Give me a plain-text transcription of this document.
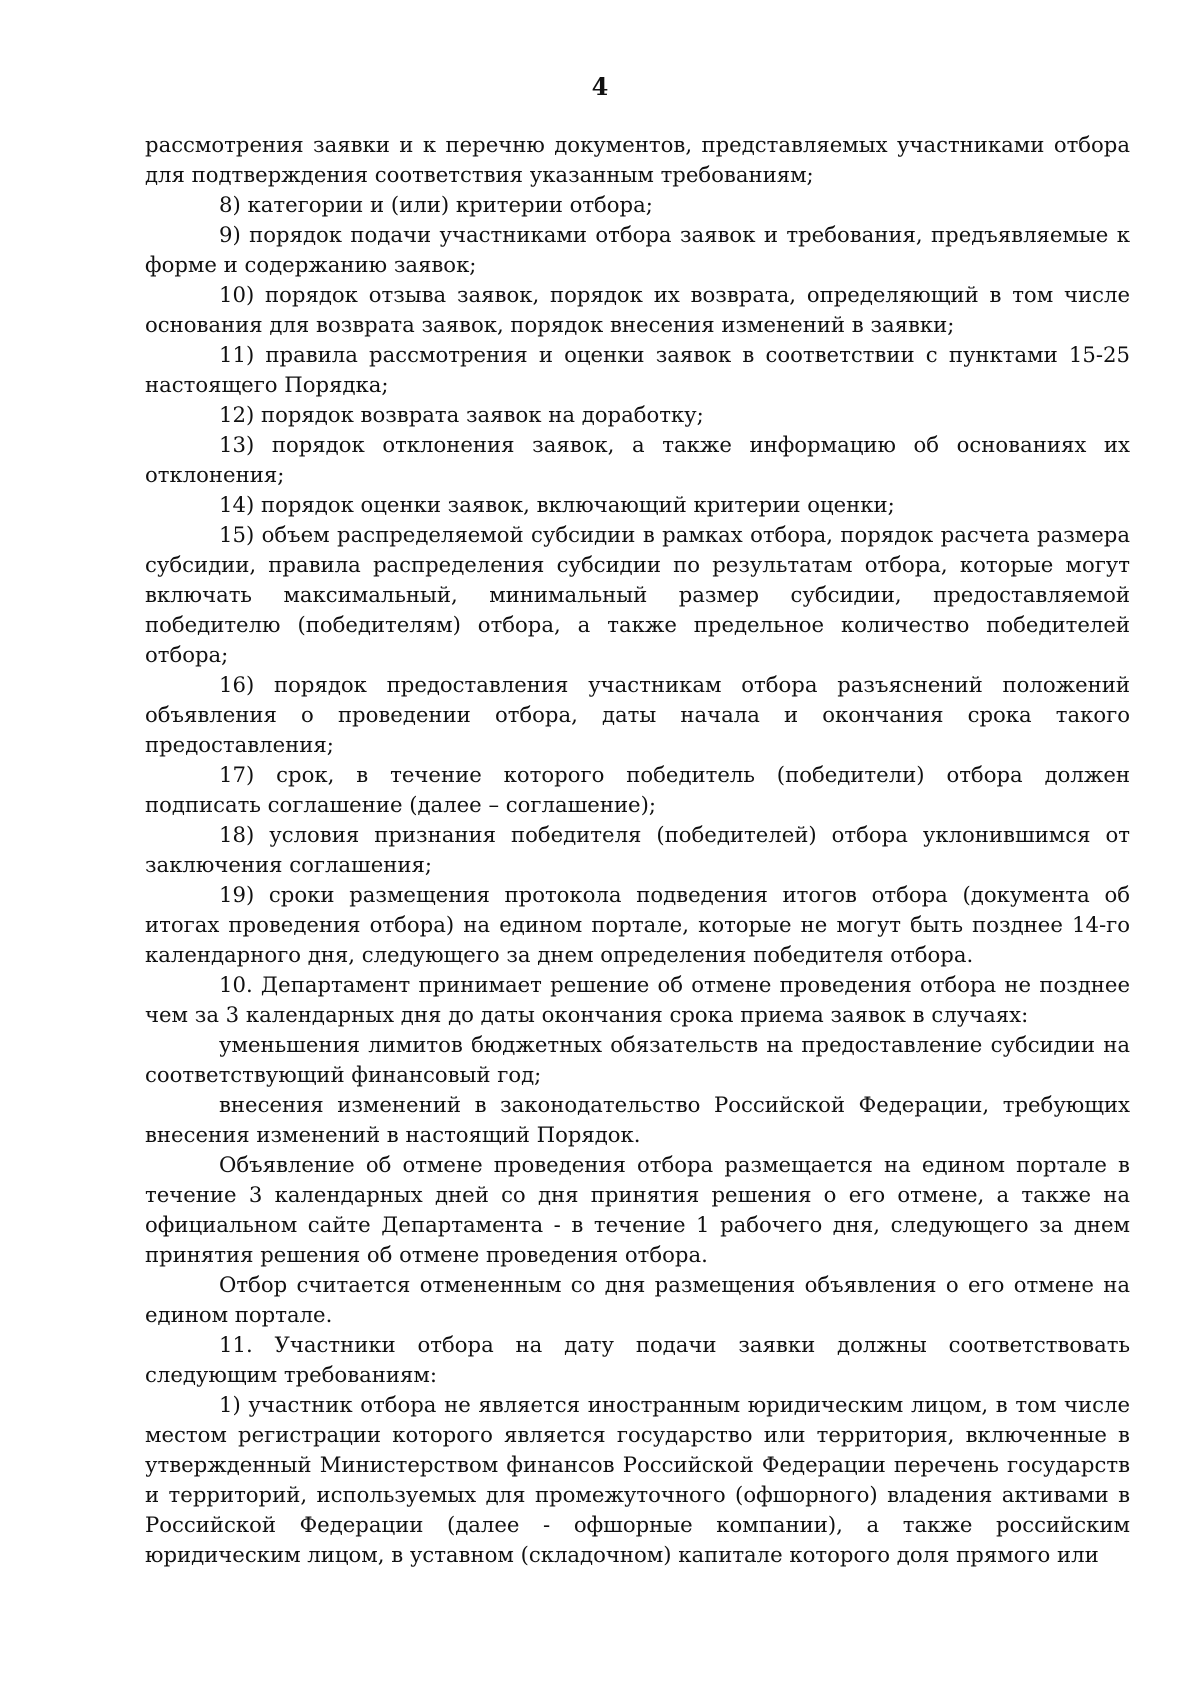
4

рассмотрения заявки и к перечню документов, представляемых участниками отбора для подтверждения соответствия указанным требованиям;

8) категории и (или) критерии отбора;

9) порядок подачи участниками отбора заявок и требования, предъявляемые к форме и содержанию заявок;

10) порядок отзыва заявок, порядок их возврата, определяющий в том числе основания для возврата заявок, порядок внесения изменений в заявки;

11) правила рассмотрения и оценки заявок в соответствии с пунктами 15-25 настоящего Порядка;

12) порядок возврата заявок на доработку;

13) порядок отклонения заявок, а также информацию об основаниях их отклонения;

14) порядок оценки заявок, включающий критерии оценки;

15) объем распределяемой субсидии в рамках отбора, порядок расчета размера субсидии, правила распределения субсидии по результатам отбора, которые могут включать максимальный, минимальный размер субсидии, предоставляемой победителю (победителям) отбора, а также предельное количество победителей отбора;

16) порядок предоставления участникам отбора разъяснений положений объявления о проведении отбора, даты начала и окончания срока такого предоставления;

17) срок, в течение которого победитель (победители) отбора должен подписать соглашение (далее – соглашение);

18) условия признания победителя (победителей) отбора уклонившимся от заключения соглашения;

19) сроки размещения протокола подведения итогов отбора (документа об итогах проведения отбора) на едином портале, которые не могут быть позднее 14-го календарного дня, следующего за днем определения победителя отбора.

10. Департамент принимает решение об отмене проведения отбора не позднее чем за 3 календарных дня до даты окончания срока приема заявок в случаях:

уменьшения лимитов бюджетных обязательств на предоставление субсидии на соответствующий финансовый год;

внесения изменений в законодательство Российской Федерации, требующих внесения изменений в настоящий Порядок.

Объявление об отмене проведения отбора размещается на едином портале в течение 3 календарных дней со дня принятия решения о его отмене, а также на официальном сайте Департамента - в течение 1 рабочего дня, следующего за днем принятия решения об отмене проведения отбора.

Отбор считается отмененным со дня размещения объявления о его отмене на едином портале.

11. Участники отбора на дату подачи заявки должны соответствовать следующим требованиям:

1) участник отбора не является иностранным юридическим лицом, в том числе местом регистрации которого является государство или территория, включенные в утвержденный Министерством финансов Российской Федерации перечень государств и территорий, используемых для промежуточного (офшорного) владения активами в Российской Федерации (далее - офшорные компании), а также российским юридическим лицом, в уставном (складочном) капитале которого доля прямого или
